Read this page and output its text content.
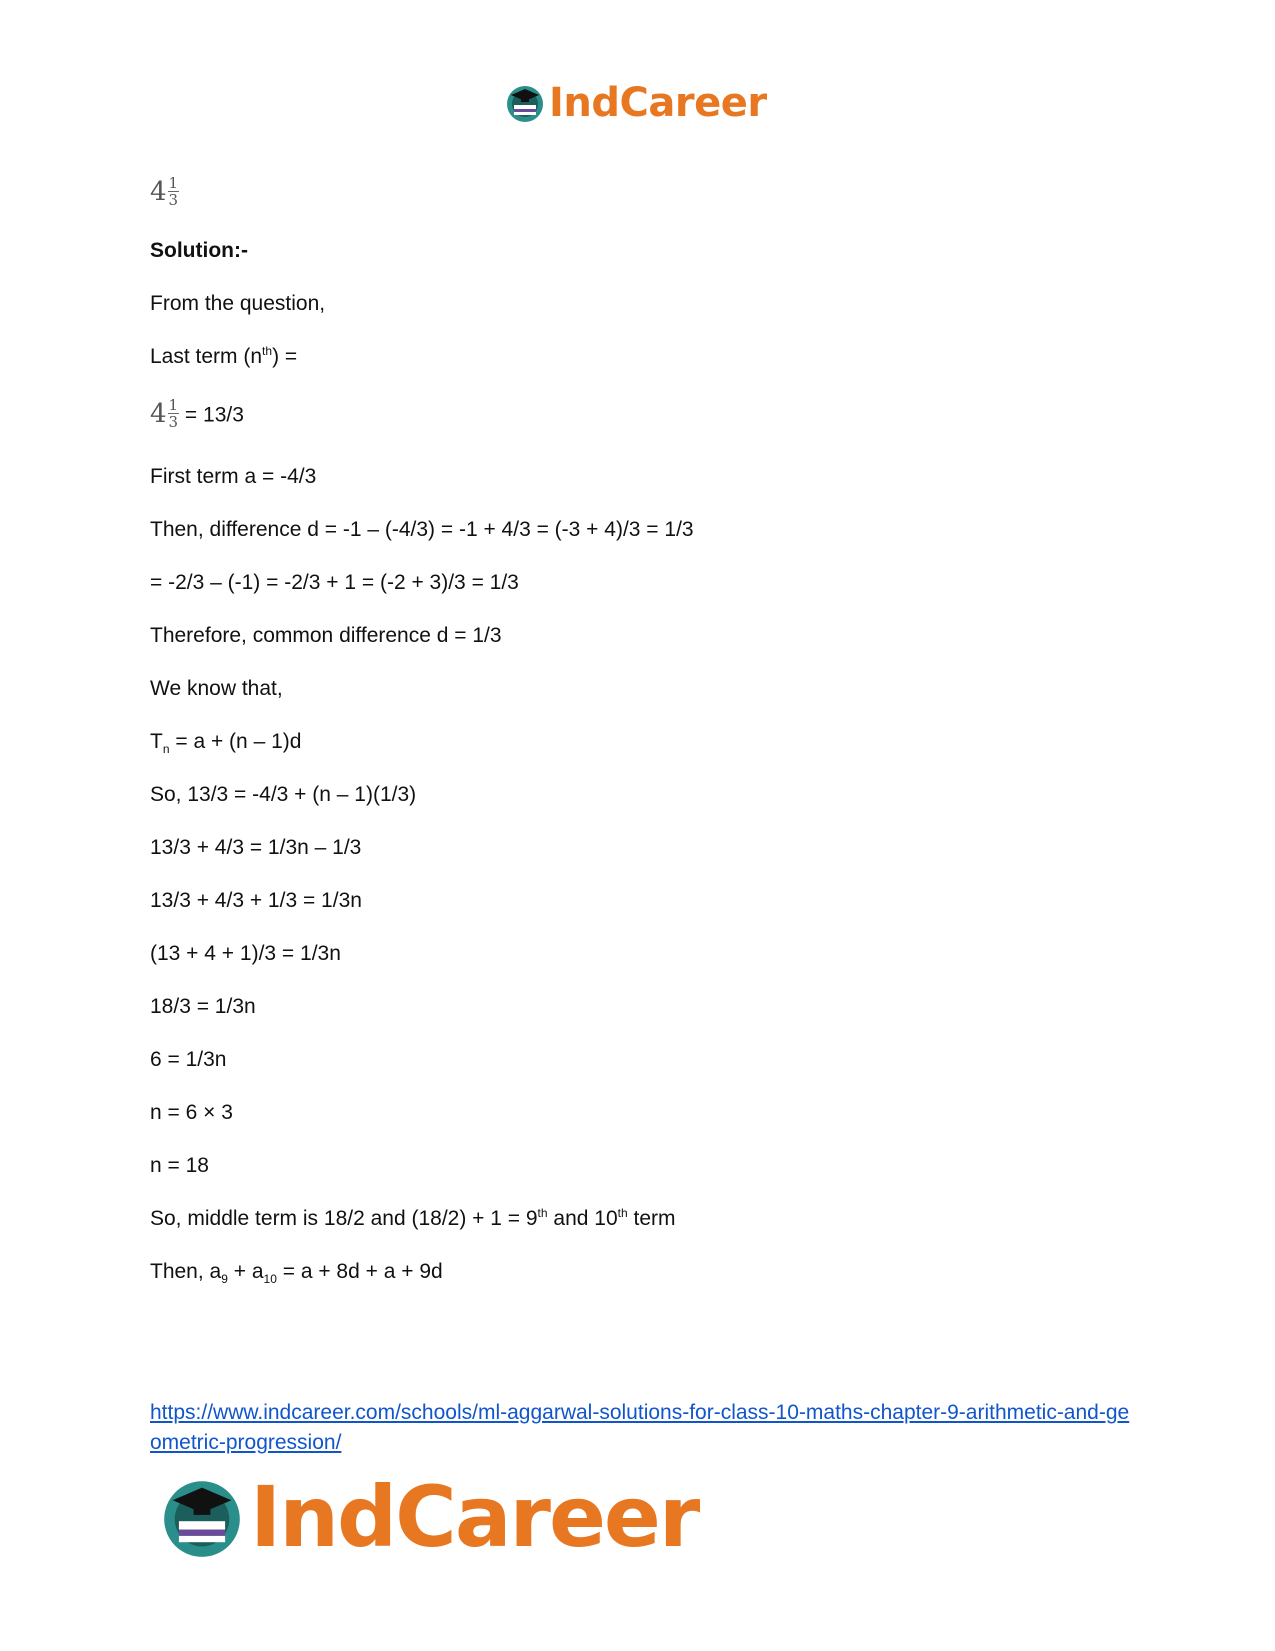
IndCareer
$4 \frac{1}{3}$
Solution:-
From the question,
Last term $(n^{th})$ =
$4 \frac{1}{3} = 13/3$
First term a = -4/3
Then, difference d = -1 – (-4/3) = -1 + 4/3 = (-3 + 4)/3 = 1/3
= -2/3 – (-1) = -2/3 + 1 = (-2 + 3)/3 = 1/3
Therefore, common difference d = 1/3
We know that,
$T_n = a + (n - 1)d$
So, 13/3 = -4/3 + (n – 1)(1/3)
13/3 + 4/3 = 1/3n – 1/3
13/3 + 4/3 + 1/3 = 1/3n
(13 + 4 + 1)/3 = 1/3n
18/3 = 1/3n
6 = 1/3n
n = 6 × 3
n = 18
So, middle term is 18/2 and (18/2) + 1 = 9th and 10th term
Then, $a_9 + a_{10} = a + 8d + a + 9d$
https://www.indcareer.com/schools/ml-aggarwal-solutions-for-class-10-maths-chapter-9-arithmetic-and-geometric-progression/
IndCareer
